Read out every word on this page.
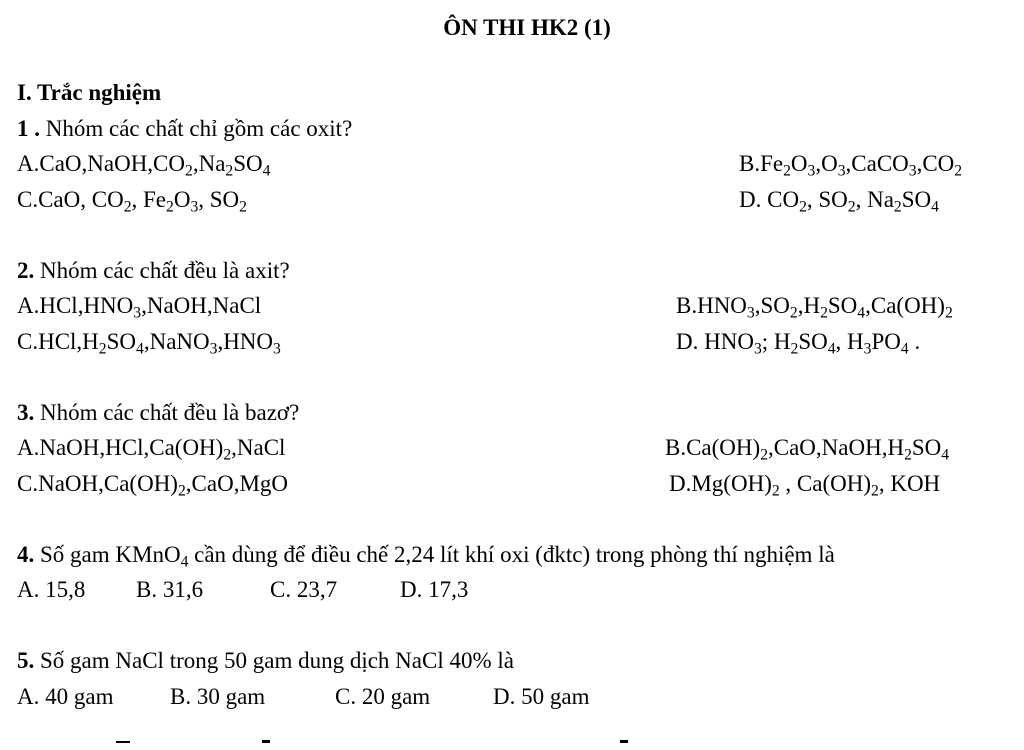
ÔN THI HK2 (1)
I. Trắc nghiệm
1 . Nhóm các chất chỉ gồm các oxit?
$A.CaO,NaOH,CO_2,Na_2SO_4$	$B.Fe_2O_3,O_3,CaCO_3,CO_2$
C.CaO, $CO_2$, $Fe_2O_3$, $SO_2$	D. $CO_2$, $SO_2$, $Na_2SO_4$
2. Nhóm các chất đều là axit?
$A.HCl,HNO_3,NaOH,NaCl$	$B.HNO_3,SO_2,H_2SO_4,Ca(OH)_2$
$C.HCl,H_2SO_4,NaNO_3,HNO_3$	D. $HNO_3$; $H_2SO_4$, $H_3PO_4$ .
3. Nhóm các chất đều là bazơ?
$A.NaOH,HCl,Ca(OH)_2,NaCl$	$B.Ca(OH)_2,CaO,NaOH,H_2SO_4$
$C.NaOH,Ca(OH)_2,CaO,MgO$	$D.Mg(OH)_2$ , $Ca(OH)_2$, KOH
4. Số gam KMnO$_4$ cần dùng để điều chế 2,24 lít khí oxi (đktc) trong phòng thí nghiệm là
A. 15,8 B. 31,6	C. 23,7	D. 17,3
5. Số gam NaCl trong 50 gam dung dịch NaCl 40% là
A. 40 gam B. 30 gam	C. 20 gam	D. 50 gam
